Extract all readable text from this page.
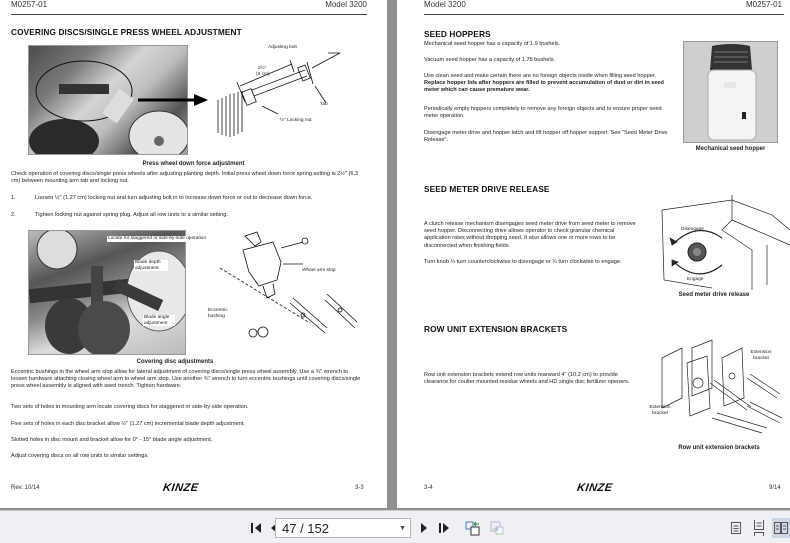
M0257-01	Model 3200
COVERING DISCS/SINGLE PRESS WHEEL ADJUSTMENT
Adjusting bolt
2½"
(6 cm)
Tab
½" Locking nut
Press wheel down force adjustment
Check operation of covering discs/single press wheels after adjusting planting depth. Initial press wheel down force spring setting is 2½" (6.3 cm) between mounting arm tab and locking nut.
1.	Loosen ½" (1.27 cm) locking nut and turn adjusting bolt in to increase down force or out to decrease down force.
2.	Tighten locking nut against spring plug. Adjust all row units to a similar setting.
Locate for staggered or side-by-side operation
Blade depth adjustment
Blade angle adjustment
Wheel arm stop
Eccentric bushing
Covering disc adjustments
Eccentric bushings in the wheel arm stop allow for lateral adjustment of covering discs/single press wheel assembly. Use a ¾" wrench to loosen hardware attaching closing wheel arm to wheel arm stop. Use another ¾" wrench to turn eccentric bushings until covering discs/single press wheel assembly is aligned with seed trench. Tighten hardware.
Two sets of holes in mounting arm locate covering discs for staggered or side-by-side operation.
Five sets of holes in each disc bracket allow ½" (1.27 cm) incremental blade depth adjustment.
Slotted holes in disc mount and bracket allow for 0° - 15° blade angle adjustment.
Adjust covering discs on all row units to similar settings.
Rev. 10/14	KINZE	3-3
Model 3200	M0257-01
SEED HOPPERS
Mechanical seed hopper has a capacity of 1.9 bushels.
Vacuum seed hopper has a capacity of 1.75 bushels.
Use clean seed and make certain there are no foreign objects inside when filling seed hopper. Replace hopper lids after hoppers are filled to prevent accumulation of dust or dirt in seed meter which can cause premature wear.
Periodically empty hoppers completely to remove any foreign objects and to ensure proper seed meter operation.
Disengage meter drive and hopper latch and lift hopper off hopper support. See "Seed Meter Drive Release".
Mechanical seed hopper
SEED METER DRIVE RELEASE
A clutch release mechanism disengages seed meter drive from seed meter to remove seed hopper. Disconnecting drive allows operator to check granular chemical application rates without dropping seed. It also allows one or more rows to be disconnected when finishing fields.
Turn knob ¼ turn counterclockwise to disengage or ¼ turn clockwise to engage.
Disengage
Engage
Seed meter drive release
ROW UNIT EXTENSION BRACKETS
Row unit extension brackets extend row units rearward 4" (10.2 cm) to provide clearance for coulter mounted residue wheels and HD single disc fertilizer openers.
Extension bracket
Extension bracket
Row unit extension brackets
3-4	KINZE	9/14
47 / 152	▼
